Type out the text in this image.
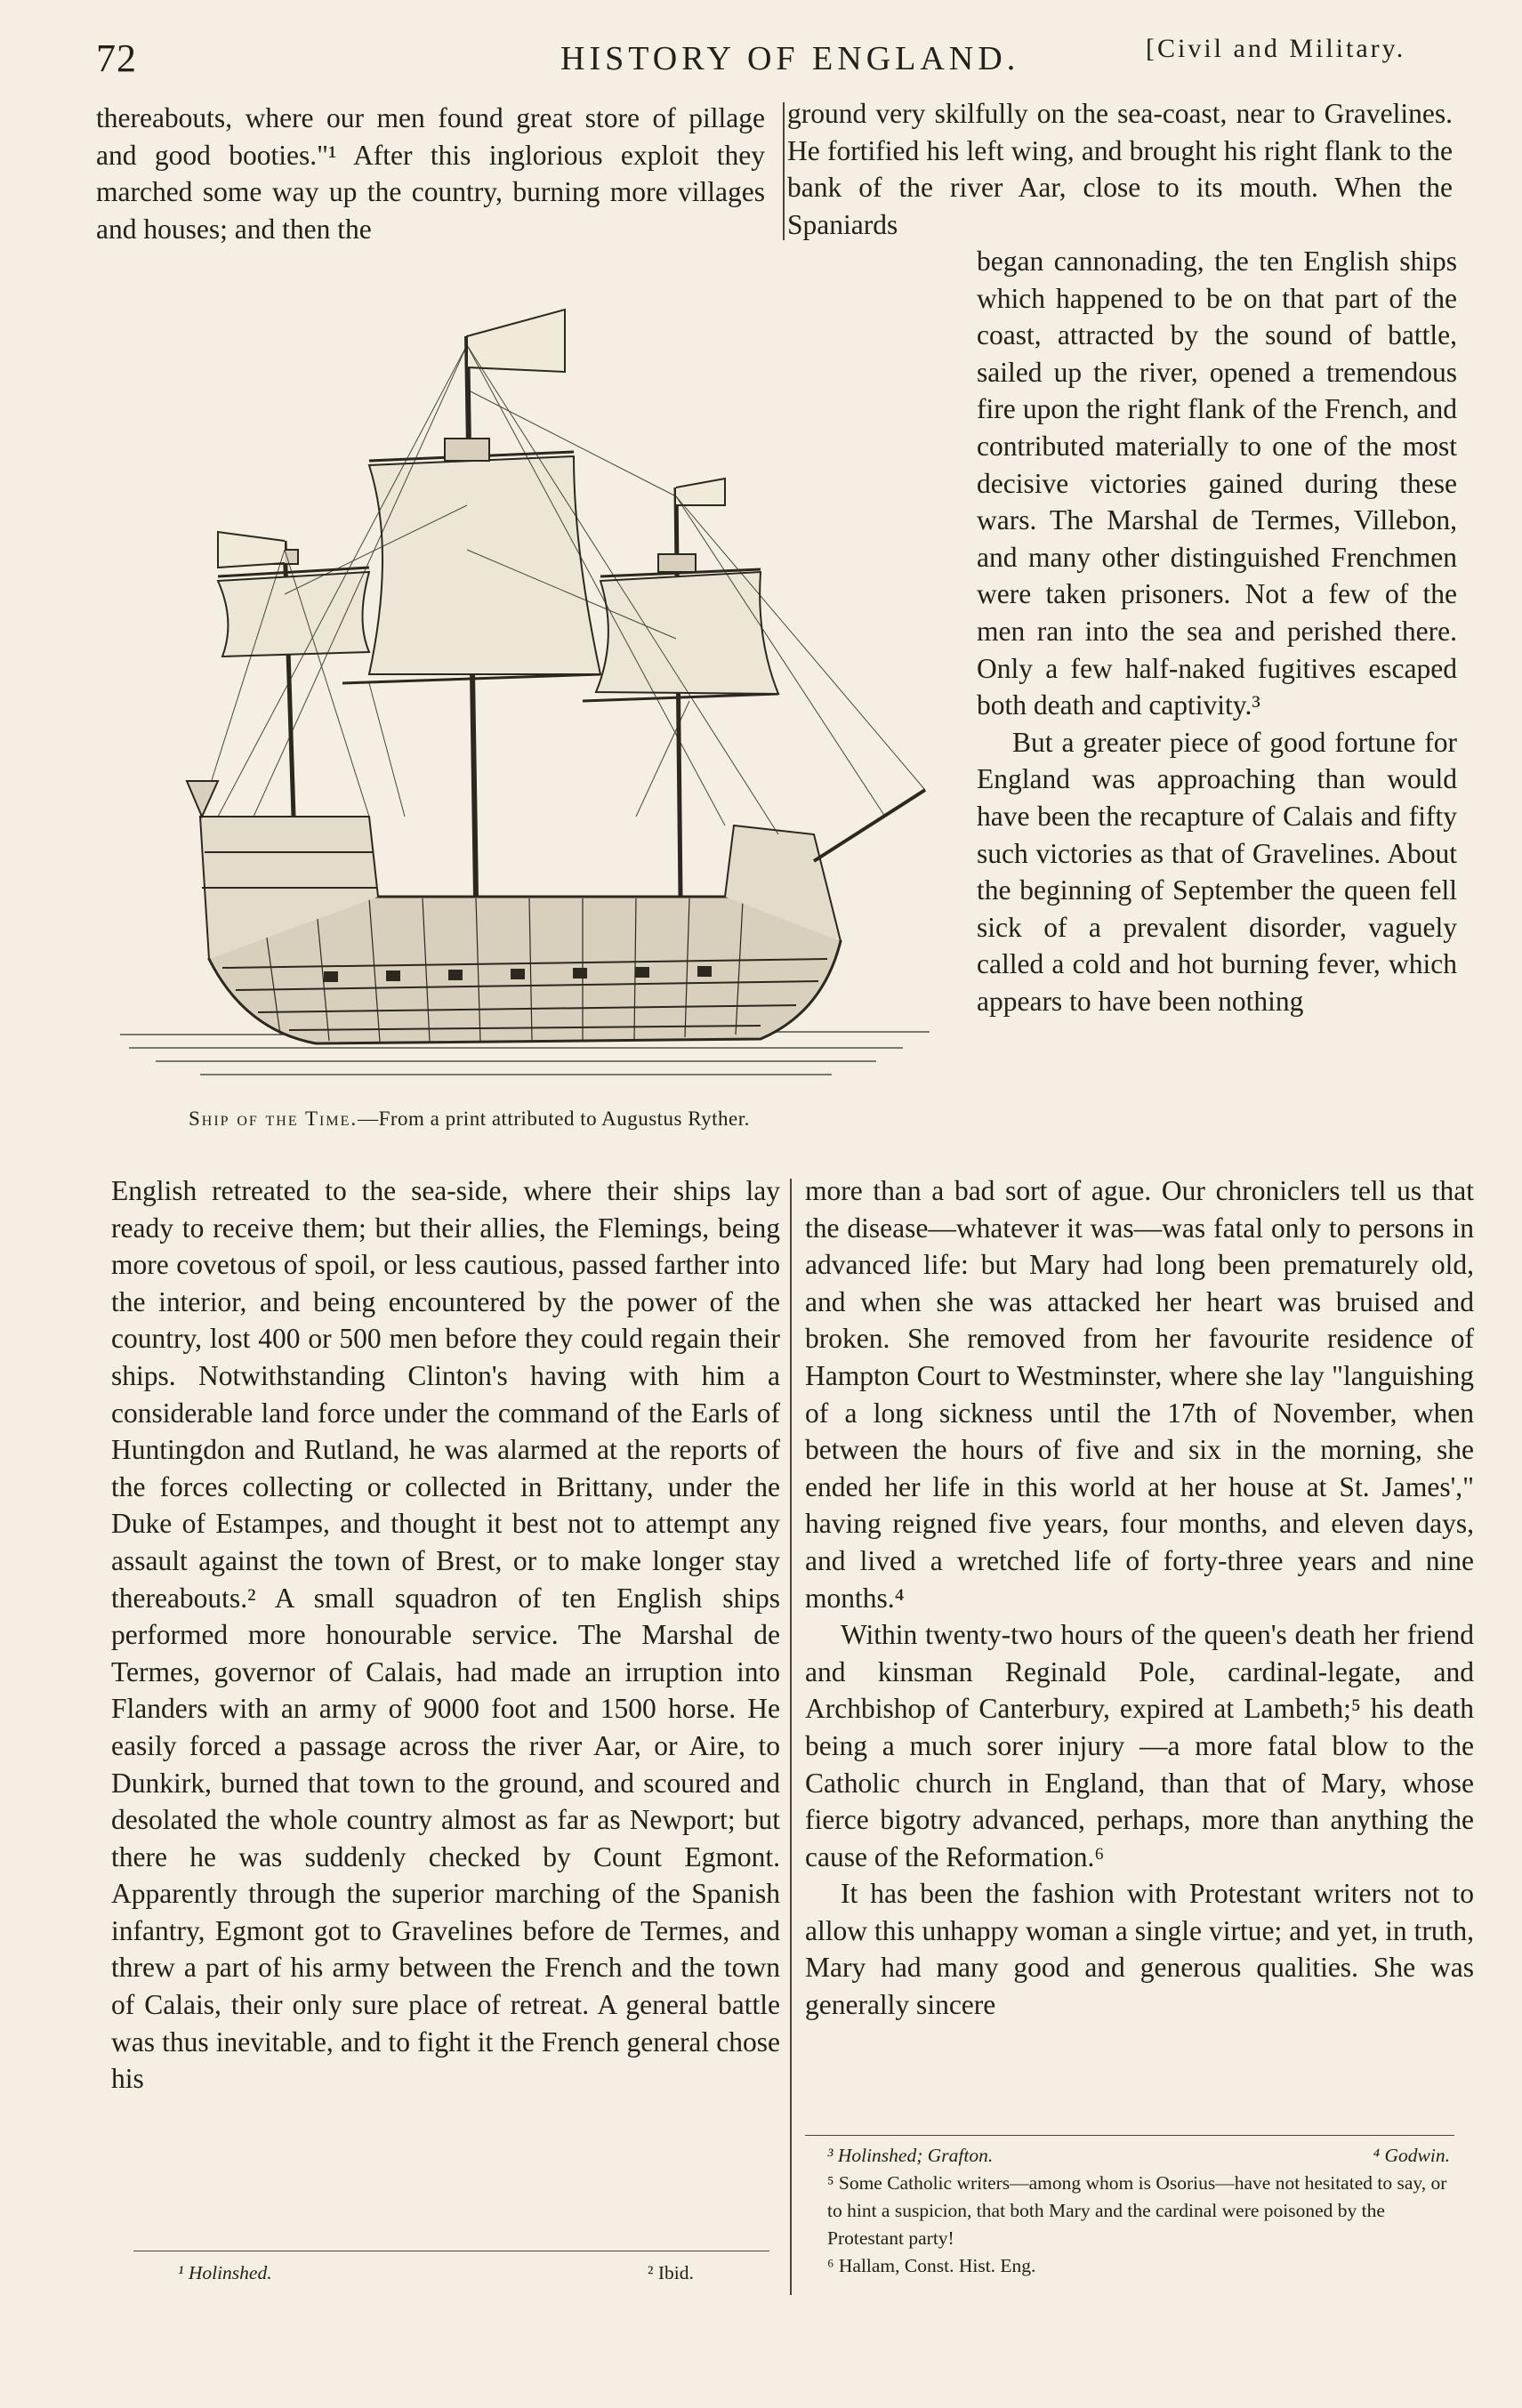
72	HISTORY OF ENGLAND.	[Civil and Military.

thereabouts, where our men found great store of pillage and good booties."¹ After this inglorious exploit they marched some way up the country, burning more villages and houses; and then the

ground very skilfully on the sea-coast, near to Gravelines. He fortified his left wing, and brought his right flank to the bank of the river Aar, close to its mouth. When the Spaniards

began cannonading, the ten English ships which happened to be on that part of the coast, attracted by the sound of battle, sailed up the river, opened a tremendous fire upon the right flank of the French, and contributed materially to one of the most decisive victories gained during these wars. The Marshal de Termes, Villebon, and many other distinguished Frenchmen were taken prisoners. Not a few of the men ran into the sea and perished there. Only a few half-naked fugitives escaped both death and captivity.³

But a greater piece of good fortune for England was approaching than would have been the recapture of Calais and fifty such victories as that of Gravelines. About the beginning of September the queen fell sick of a prevalent disorder, vaguely called a cold and hot burning fever, which appears to have been nothing

Ship of the Time.—From a print attributed to Augustus Ryther.

English retreated to the sea-side, where their ships lay ready to receive them; but their allies, the Flemings, being more covetous of spoil, or less cautious, passed farther into the interior, and being encountered by the power of the country, lost 400 or 500 men before they could regain their ships. Notwithstanding Clinton's having with him a considerable land force under the command of the Earls of Huntingdon and Rutland, he was alarmed at the reports of the forces collecting or collected in Brittany, under the Duke of Estampes, and thought it best not to attempt any assault against the town of Brest, or to make longer stay thereabouts.² A small squadron of ten English ships performed more honourable service. The Marshal de Termes, governor of Calais, had made an irruption into Flanders with an army of 9000 foot and 1500 horse. He easily forced a passage across the river Aar, or Aire, to Dunkirk, burned that town to the ground, and scoured and desolated the whole country almost as far as Newport; but there he was suddenly checked by Count Egmont. Apparently through the superior marching of the Spanish infantry, Egmont got to Gravelines before de Termes, and threw a part of his army between the French and the town of Calais, their only sure place of retreat. A general battle was thus inevitable, and to fight it the French general chose his

more than a bad sort of ague. Our chroniclers tell us that the disease—whatever it was—was fatal only to persons in advanced life: but Mary had long been prematurely old, and when she was attacked her heart was bruised and broken. She removed from her favourite residence of Hampton Court to Westminster, where she lay "languishing of a long sickness until the 17th of November, when between the hours of five and six in the morning, she ended her life in this world at her house at St. James'," having reigned five years, four months, and eleven days, and lived a wretched life of forty-three years and nine months.⁴

Within twenty-two hours of the queen's death her friend and kinsman Reginald Pole, cardinal-legate, and Archbishop of Canterbury, expired at Lambeth;⁵ his death being a much sorer injury —a more fatal blow to the Catholic church in England, than that of Mary, whose fierce bigotry advanced, perhaps, more than anything the cause of the Reformation.⁶

It has been the fashion with Protestant writers not to allow this unhappy woman a single virtue; and yet, in truth, Mary had many good and generous qualities. She was generally sincere

¹ Holinshed.	² Ibid.
³ Holinshed; Grafton.	⁴ Godwin.
⁵ Some Catholic writers—among whom is Osorius—have not hesitated to say, or to hint a suspicion, that both Mary and the cardinal were poisoned by the Protestant party!
⁶ Hallam, Const. Hist. Eng.
